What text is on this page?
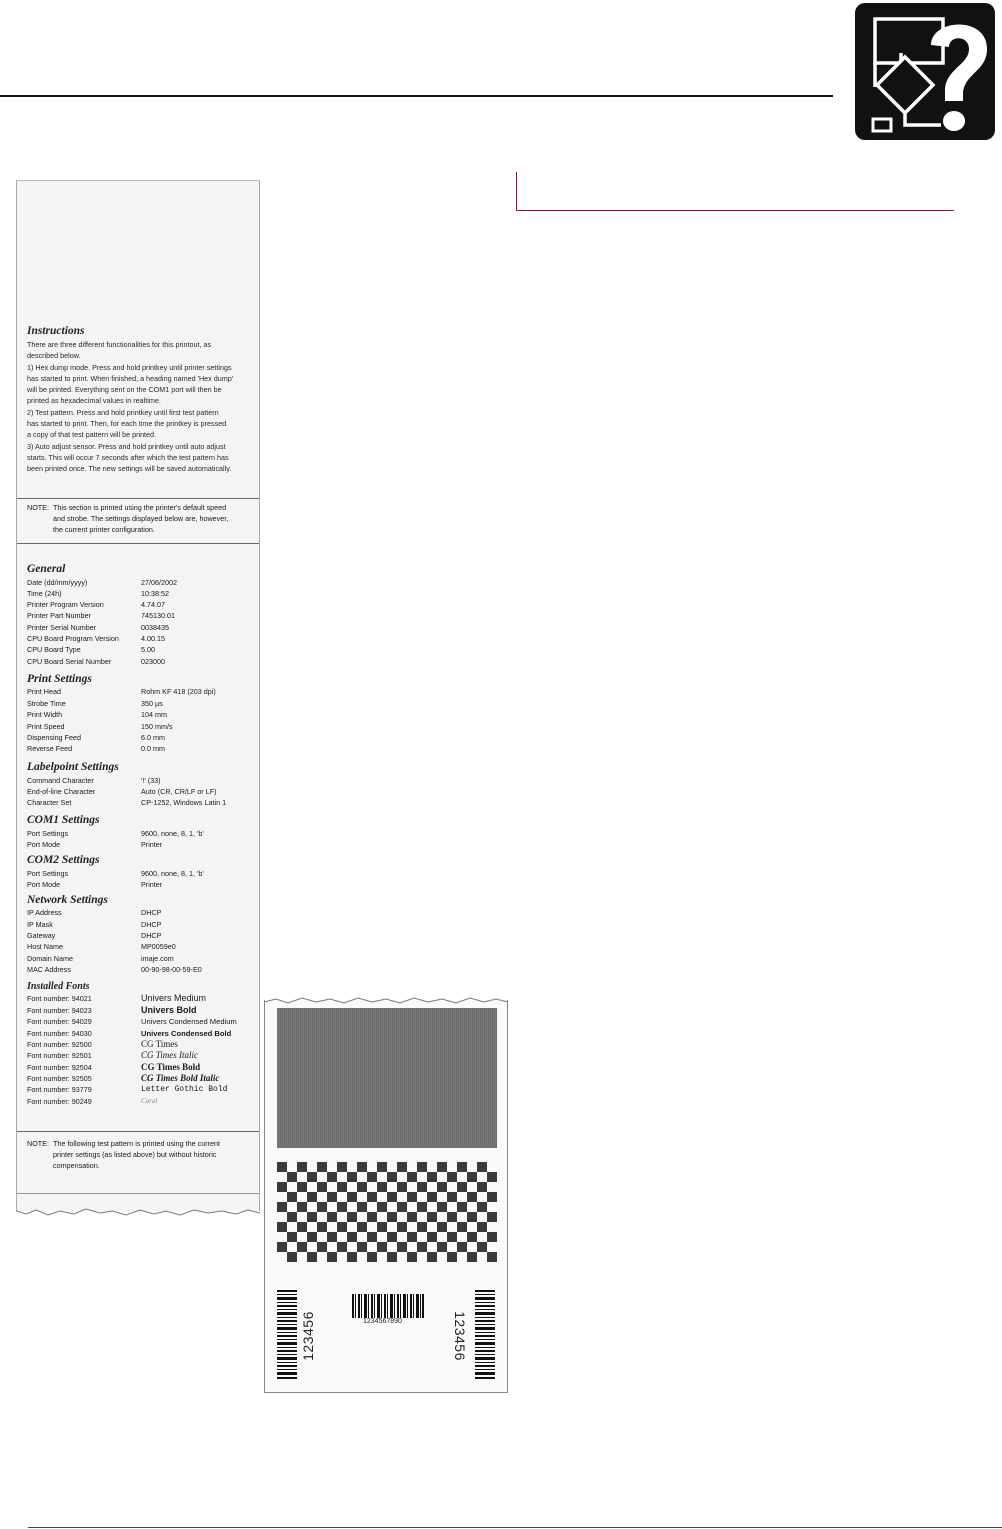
Instructions
There are three different functionalities for this printout, as
described below.
1) Hex dump mode. Press and hold printkey until printer settings
has started to print. When finished, a heading named 'Hex dump'
will be printed. Everything sent on the COM1 port will then be
printed as hexadecimal values in realtime.
2) Test pattern. Press and hold printkey until first test pattern
has started to print. Then, for each time the printkey is pressed
a copy of that test pattern will be printed.
3) Auto adjust sensor. Press and hold printkey until auto adjust
starts. This will occur 7 seconds after which the test pattern has
been printed once. The new settings will be saved automatically.
NOTE: This section is printed using the printer's default speed
and strobe. The settings displayed below are, however,
the current printer configuration.
General
Date (dd/mm/yyyy)	27/06/2002
Time (24h)	10:38:52
Printer Program Version	4.74.07
Printer Part Number	745130.01
Printer Serial Number	0038435
CPU Board Program Version	4.00.15
CPU Board Type	5.00
CPU Board Serial Number	023000
Print Settings
Print Head	Rohm KF 418 (203 dpi)
Strobe Time	350 µs
Print Width	104 mm
Print Speed	150 mm/s
Dispensing Feed	6.0 mm
Reverse Feed	0.0 mm
Labelpoint Settings
Command Character	'!' (33)
End-of-line Character	Auto (CR, CR/LF or LF)
Character Set	CP-1252, Windows Latin 1
COM1 Settings
Port Settings	9600, none, 8, 1, 'b'
Port Mode	Printer
COM2 Settings
Port Settings	9600, none, 8, 1, 'b'
Port Mode	Printer
Network Settings
IP Address	DHCP
IP Mask	DHCP
Gateway	DHCP
Host Name	MP0059e0
Domain Name	imaje.com
MAC Address	00-90-98-00-59-E0
Installed Fonts
Font number: 94021	Univers Medium
Font number: 94023	Univers Bold
Font number: 94029	Univers Condensed Medium
Font number: 94030	Univers Condensed Bold
Font number: 92500	CG Times
Font number: 92501	CG Times Italic
Font number: 92504	CG Times Bold
Font number: 92505	CG Times Bold Italic
Font number: 93779	Letter Gothic Bold
Font number: 90249	Coral
NOTE: The following test pattern is printed using the current
printer settings (as listed above) but without historic
compensation.
123456	1234567890	123456
